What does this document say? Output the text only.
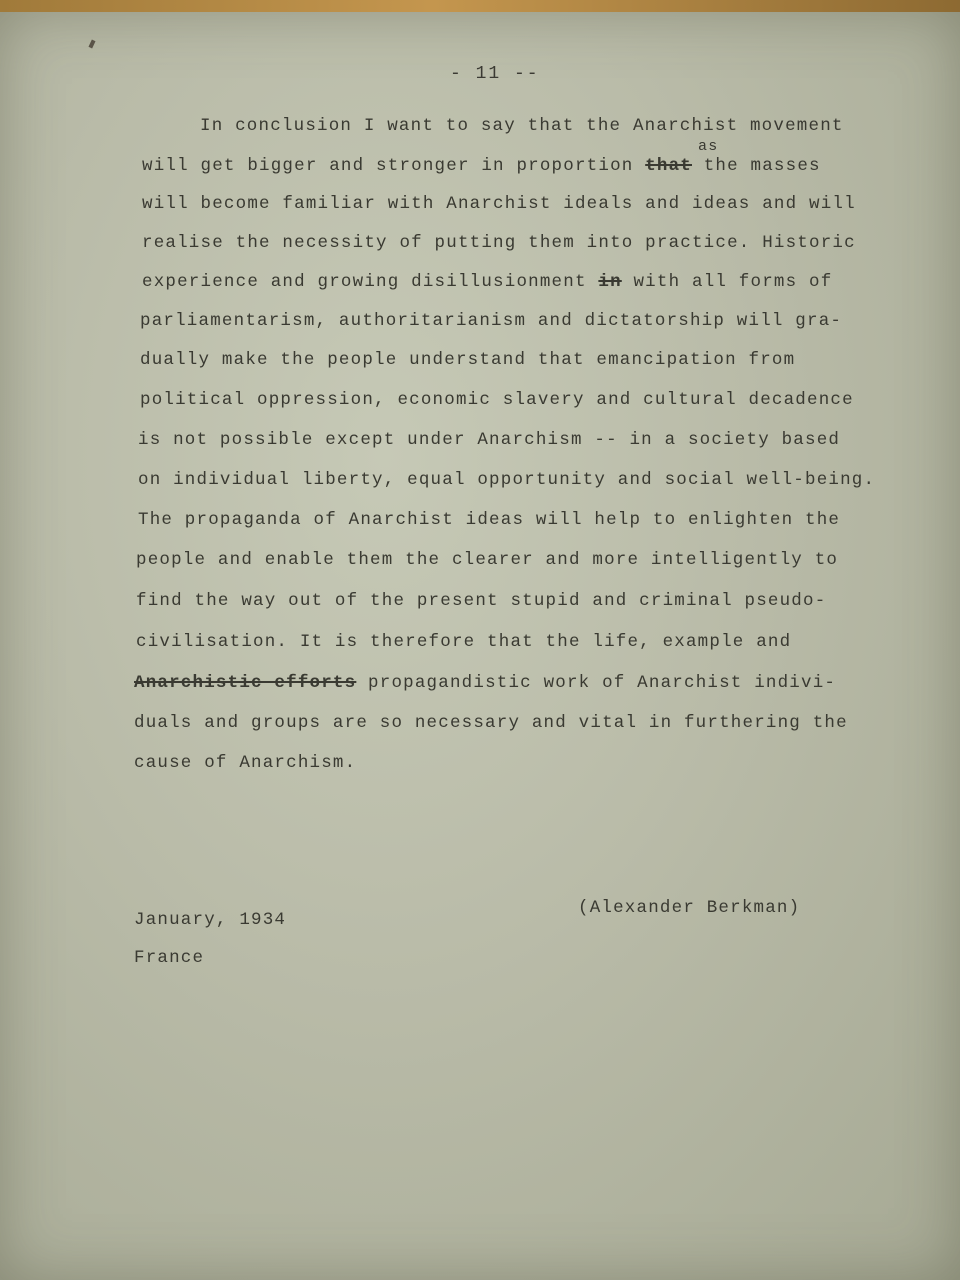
- 11 --
as
In conclusion I want to say that the Anarchist movement
will get bigger and stronger in proportion that the masses
will become familiar with Anarchist ideals and ideas and will
realise the necessity of putting them into practice. Historic
experience and growing disillusionment in with all forms of
parliamentarism, authoritarianism and dictatorship will gra-
dually make the people understand that emancipation from
political oppression, economic slavery and cultural decadence
is not possible except under Anarchism -- in a society based
on individual liberty, equal opportunity and social well-being.
The propaganda of Anarchist ideas will help to enlighten the
people and enable them the clearer and more intelligently to
find the way out of the present stupid and criminal pseudo-
civilisation. It is therefore that the life, example and
Anarchistic efforts propagandistic work of Anarchist indivi-
duals and groups are so necessary and vital in furthering the
cause of Anarchism.
(Alexander Berkman)
January, 1934
France
